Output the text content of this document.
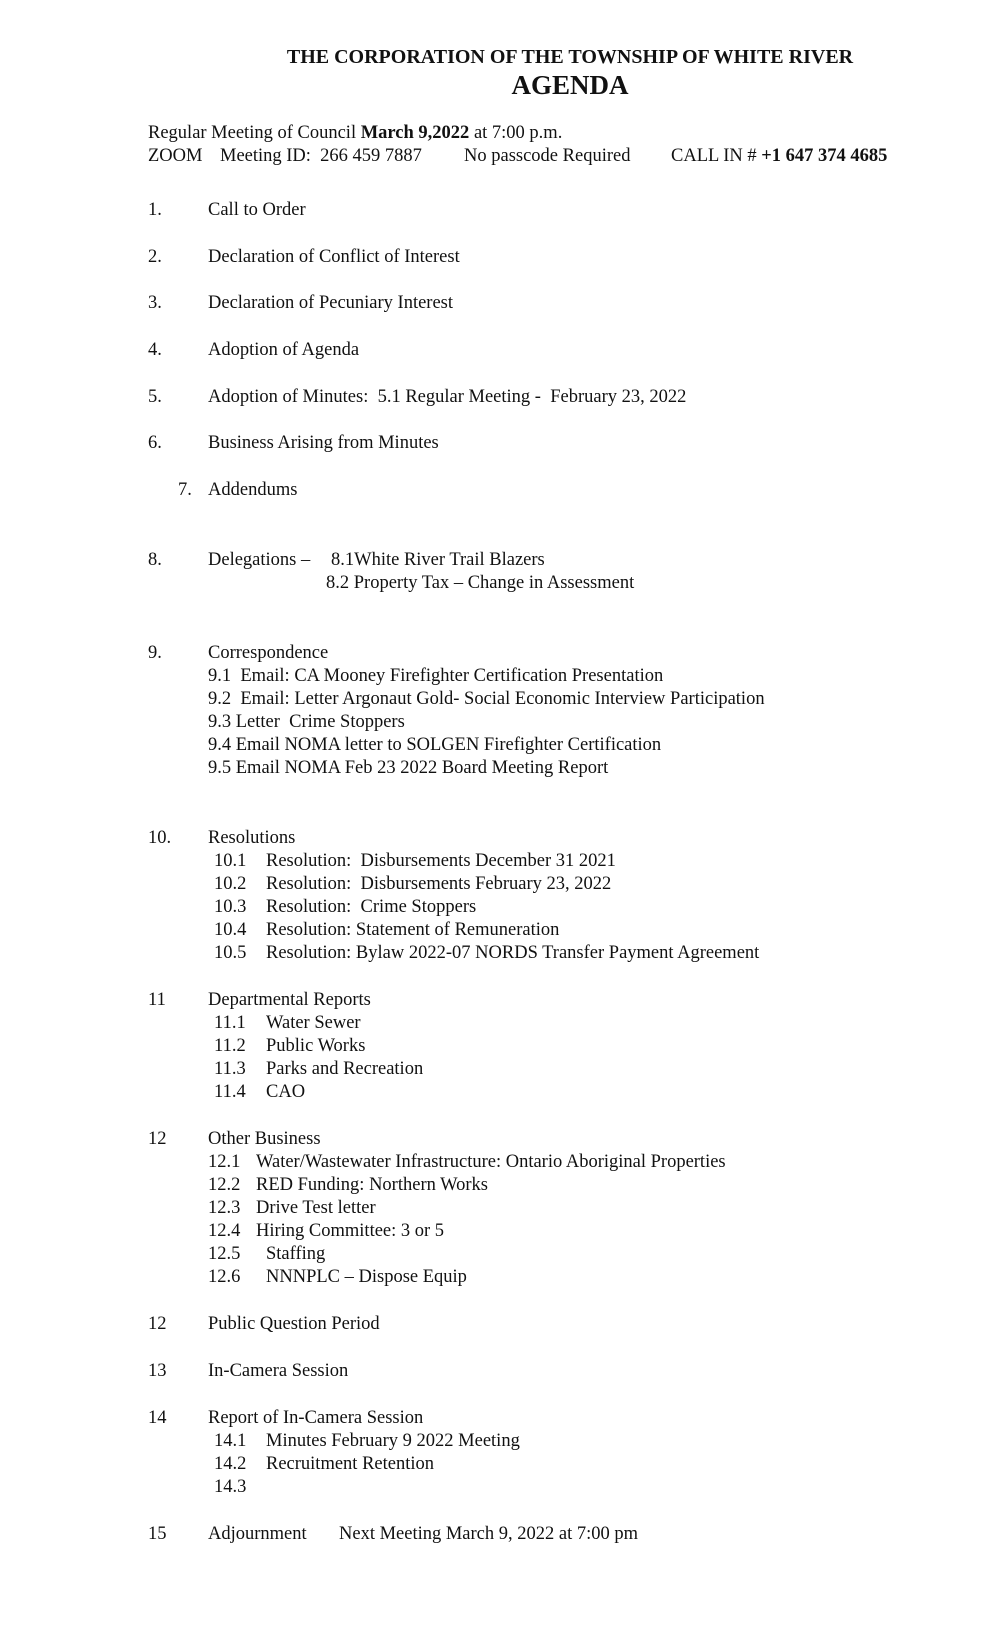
THE CORPORATION OF THE TOWNSHIP OF WHITE RIVER
AGENDA
Regular Meeting of Council March 9,2022 at 7:00 p.m.
ZOOM Meeting ID:  266 459 7887 No passcode Required CALL IN # +1 647 374 4685
1. Call to Order
2. Declaration of Conflict of Interest
3. Declaration of Pecuniary Interest
4. Adoption of Agenda
5. Adoption of Minutes:  5.1 Regular Meeting -  February 23, 2022
6. Business Arising from Minutes
7. Addendums
8. Delegations – 8.1White River Trail Blazers
8.2 Property Tax – Change in Assessment
9. Correspondence
9.1  Email: CA Mooney Firefighter Certification Presentation
9.2  Email: Letter Argonaut Gold- Social Economic Interview Participation
9.3 Letter  Crime Stoppers
9.4 Email NOMA letter to SOLGEN Firefighter Certification
9.5 Email NOMA Feb 23 2022 Board Meeting Report
10. Resolutions
10.1 Resolution:  Disbursements December 31 2021
10.2 Resolution:  Disbursements February 23, 2022
10.3 Resolution:  Crime Stoppers
10.4 Resolution: Statement of Remuneration
10.5 Resolution: Bylaw 2022-07 NORDS Transfer Payment Agreement
11 Departmental Reports
11.1 Water Sewer
11.2 Public Works
11.3 Parks and Recreation
11.4 CAO
12 Other Business
12.1 Water/Wastewater Infrastructure: Ontario Aboriginal Properties
12.2 RED Funding: Northern Works
12.3 Drive Test letter
12.4 Hiring Committee: 3 or 5
12.5 Staffing
12.6 NNNPLC – Dispose Equip
12 Public Question Period
13 In-Camera Session
14 Report of In-Camera Session
14.1 Minutes February 9 2022 Meeting
14.2 Recruitment Retention
14.3
15 Adjournment Next Meeting March 9, 2022 at 7:00 pm
